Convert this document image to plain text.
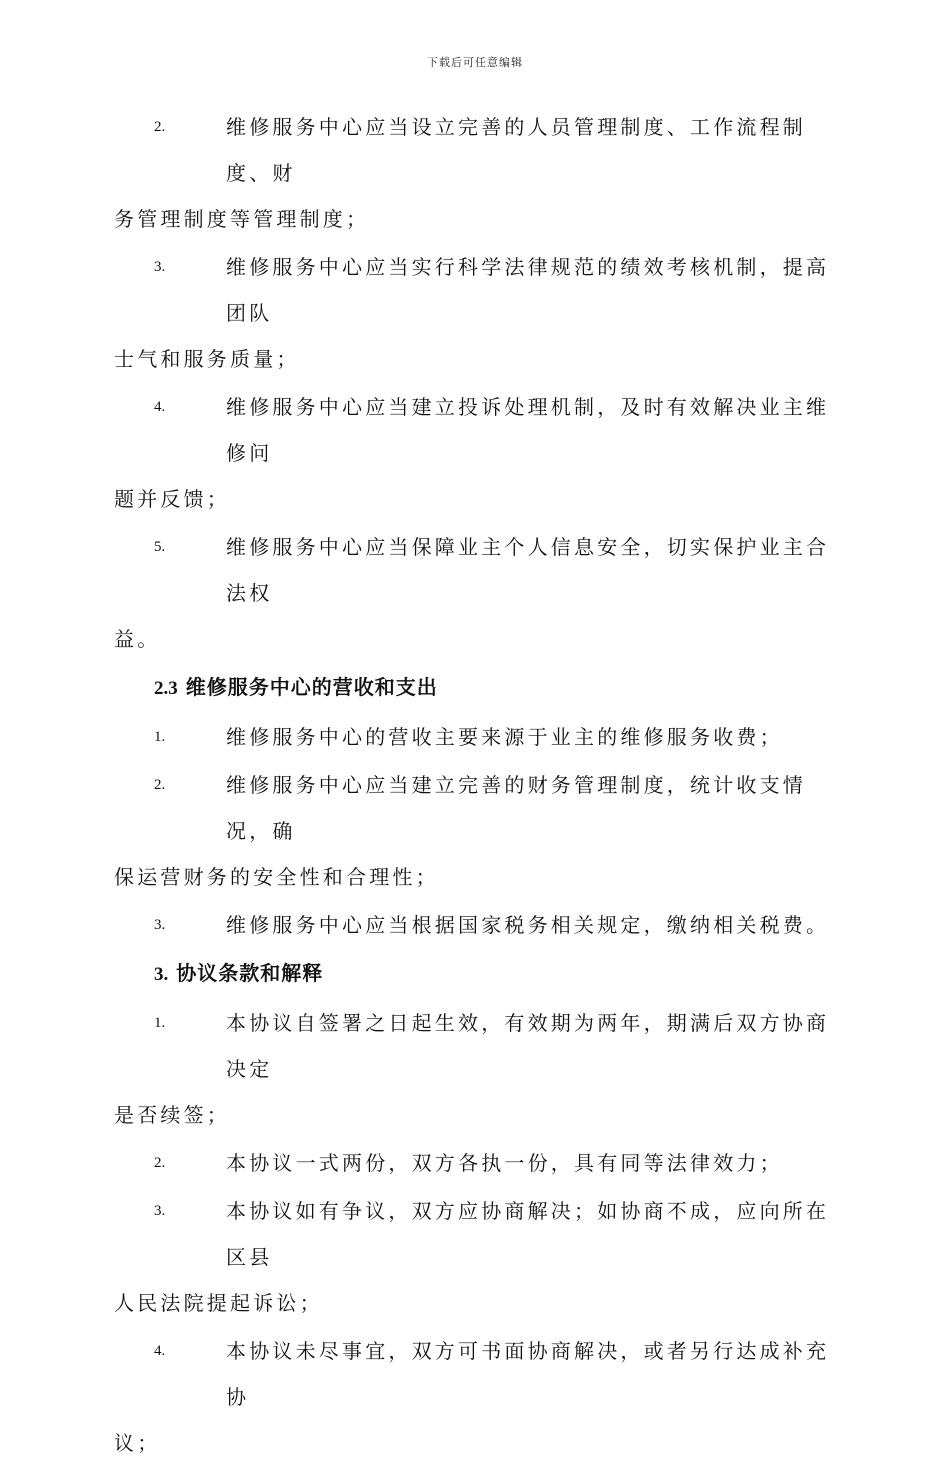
下载后可任意编辑
2.	维修服务中心应当设立完善的人员管理制度、工作流程制度、财
务管理制度等管理制度；
3.	维修服务中心应当实行科学法律规范的绩效考核机制，提高团队
士气和服务质量；
4.	维修服务中心应当建立投诉处理机制，及时有效解决业主维修问
题并反馈；
5.	维修服务中心应当保障业主个人信息安全，切实保护业主合法权
益。
2.3 维修服务中心的营收和支出
1.	维修服务中心的营收主要来源于业主的维修服务收费；
2.	维修服务中心应当建立完善的财务管理制度，统计收支情况，确
保运营财务的安全性和合理性；
3.	维修服务中心应当根据国家税务相关规定，缴纳相关税费。
3. 协议条款和解释
1.	本协议自签署之日起生效，有效期为两年，期满后双方协商决定
是否续签；
2.	本协议一式两份，双方各执一份，具有同等法律效力；
3.	本协议如有争议，双方应协商解决；如协商不成，应向所在区县
人民法院提起诉讼；
4.	本协议未尽事宜，双方可书面协商解决，或者另行达成补充协
议；
